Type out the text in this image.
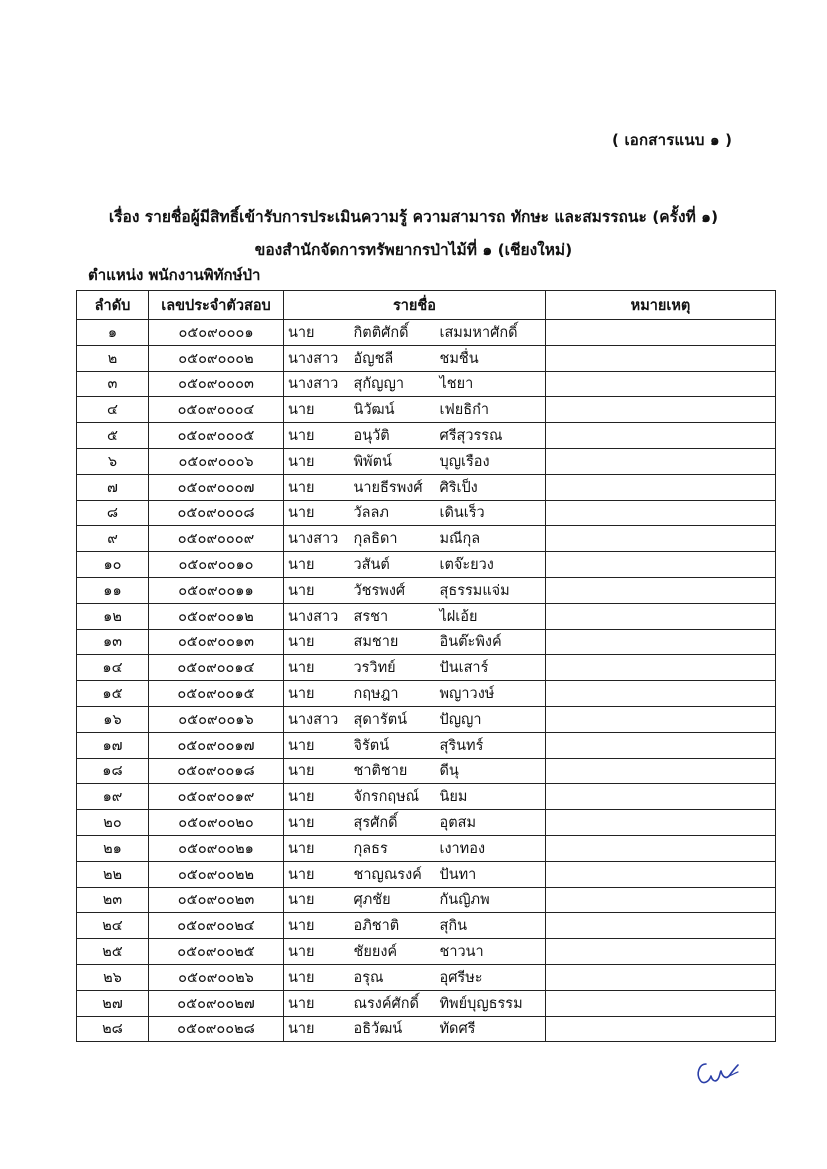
( เอกสารแนบ ๑ )
เรื่อง รายชื่อผู้มีสิทธิ์เข้ารับการประเมินความรู้ ความสามารถ ทักษะ และสมรรถนะ (ครั้งที่ ๑)
ของสำนักจัดการทรัพยากรป่าไม้ที่ ๑ (เชียงใหม่)
ตำแหน่ง พนักงานพิทักษ์ป่า
ลำดับ	เลขประจำตัวสอบ	รายชื่อ			หมายเหตุ
๑	๐๕๐๙๐๐๐๑	นาย	กิตติศักดิ์	เสมมหาศักดิ์	
๒	๐๕๐๙๐๐๐๒	นางสาว	อัญชลี	ชมชื่น	
๓	๐๕๐๙๐๐๐๓	นางสาว	สุกัญญา	ไชยา	
๔	๐๕๐๙๐๐๐๔	นาย	นิวัฒน์	เฟยธิก๋า	
๕	๐๕๐๙๐๐๐๕	นาย	อนุวัติ	ศรีสุวรรณ	
๖	๐๕๐๙๐๐๐๖	นาย	พิพัตน์	บุญเรือง	
๗	๐๕๐๙๐๐๐๗	นาย	นายธีรพงศ์	ศิริเป็ง	
๘	๐๕๐๙๐๐๐๘	นาย	วัลลภ	เดินเร็ว	
๙	๐๕๐๙๐๐๐๙	นางสาว	กุลธิดา	มณีกุล	
๑๐	๐๕๐๙๐๐๑๐	นาย	วสันต์	เตจ๊ะยวง	
๑๑	๐๕๐๙๐๐๑๑	นาย	วัชรพงศ์	สุธรรมแจ่ม	
๑๒	๐๕๐๙๐๐๑๒	นางสาว	สรชา	ไฝเอ้ย	
๑๓	๐๕๐๙๐๐๑๓	นาย	สมชาย	อินต๊ะพิงค์	
๑๔	๐๕๐๙๐๐๑๔	นาย	วรวิทย์	ปันเสาร์	
๑๕	๐๕๐๙๐๐๑๕	นาย	กฤษฎา	พญาวงษ์	
๑๖	๐๕๐๙๐๐๑๖	นางสาว	สุดารัตน์	ปัญญา	
๑๗	๐๕๐๙๐๐๑๗	นาย	จิรัตน์	สุรินทร์	
๑๘	๐๕๐๙๐๐๑๘	นาย	ชาติชาย	ดีนุ	
๑๙	๐๕๐๙๐๐๑๙	นาย	จักรกฤษณ์	นิยม	
๒๐	๐๕๐๙๐๐๒๐	นาย	สุรศักดิ์	อุตสม	
๒๑	๐๕๐๙๐๐๒๑	นาย	กุลธร	เงาทอง	
๒๒	๐๕๐๙๐๐๒๒	นาย	ชาญณรงค์	ปันทา	
๒๓	๐๕๐๙๐๐๒๓	นาย	ศุภชัย	กันญิภพ	
๒๔	๐๕๐๙๐๐๒๔	นาย	อภิชาติ	สุกิน	
๒๕	๐๕๐๙๐๐๒๕	นาย	ชัยยงค์	ชาวนา	
๒๖	๐๕๐๙๐๐๒๖	นาย	อรุณ	อุศรีษะ	
๒๗	๐๕๐๙๐๐๒๗	นาย	ณรงค์ศักดิ์	ทิพย์บุญธรรม	
๒๘	๐๕๐๙๐๐๒๘	นาย	อธิวัฒน์	ทัดศรี	
